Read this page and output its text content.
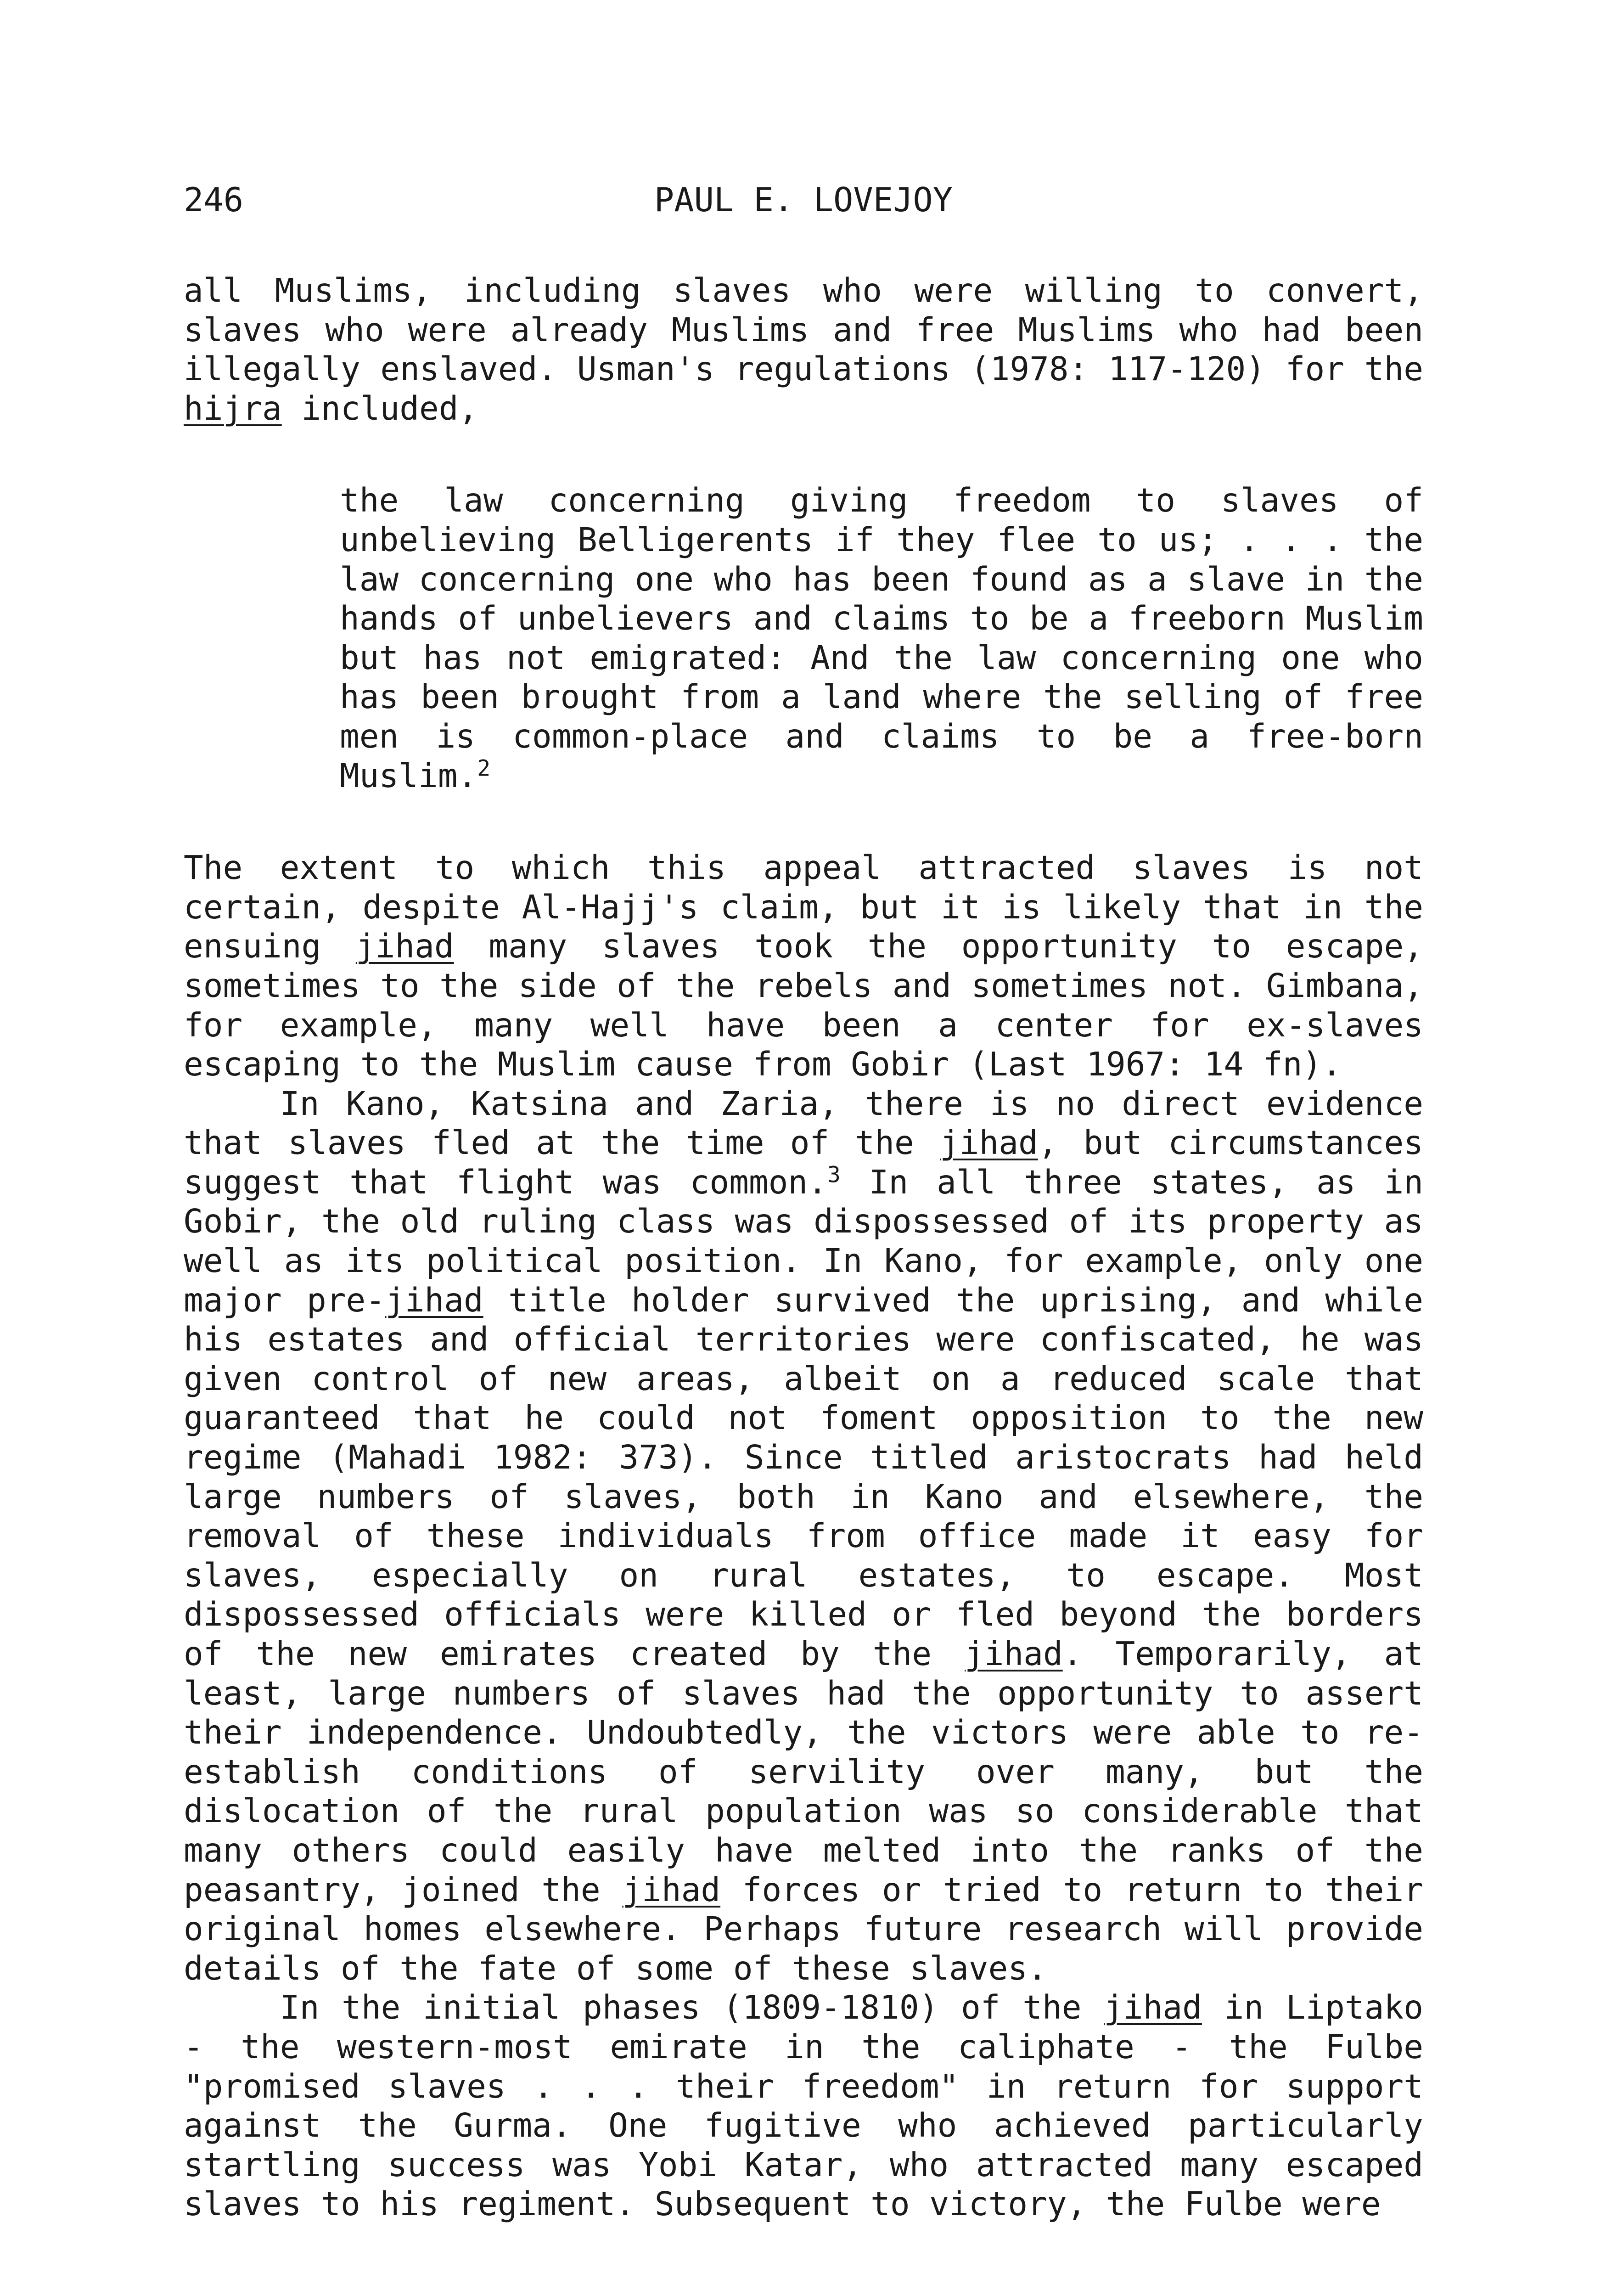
246	PAUL E. LOVEJOY

all Muslims, including slaves who were willing to convert, slaves who were already Muslims and free Muslims who had been illegally enslaved. Usman's regulations (1978: 117-120) for the hijra included,

the law concerning giving freedom to slaves of unbelieving Belligerents if they flee to us; . . . the law concerning one who has been found as a slave in the hands of unbelievers and claims to be a freeborn Muslim but has not emigrated: And the law concerning one who has been brought from a land where the selling of free men is common-place and claims to be a free-born Muslim.$^2$

The extent to which this appeal attracted slaves is not certain, despite Al-Hajj's claim, but it is likely that in the ensuing jihad many slaves took the opportunity to escape, sometimes to the side of the rebels and sometimes not. Gimbana, for example, many well have been a center for ex-slaves escaping to the Muslim cause from Gobir (Last 1967: 14 fn).

In Kano, Katsina and Zaria, there is no direct evidence that slaves fled at the time of the jihad, but circumstances suggest that flight was common.$^3$ In all three states, as in Gobir, the old ruling class was dispossessed of its property as well as its political position. In Kano, for example, only one major pre-jihad title holder survived the uprising, and while his estates and official territories were confiscated, he was given control of new areas, albeit on a reduced scale that guaranteed that he could not foment opposition to the new regime (Mahadi 1982: 373). Since titled aristocrats had held large numbers of slaves, both in Kano and elsewhere, the removal of these individuals from office made it easy for slaves, especially on rural estates, to escape. Most dispossessed officials were killed or fled beyond the borders of the new emirates created by the jihad. Temporarily, at least, large numbers of slaves had the opportunity to assert their independence. Undoubtedly, the victors were able to re-establish conditions of servility over many, but the dislocation of the rural population was so considerable that many others could easily have melted into the ranks of the peasantry, joined the jihad forces or tried to return to their original homes elsewhere. Perhaps future research will provide details of the fate of some of these slaves.

In the initial phases (1809-1810) of the jihad in Liptako - the western-most emirate in the caliphate - the Fulbe "promised slaves . . . their freedom" in return for support against the Gurma. One fugitive who achieved particularly startling success was Yobi Katar, who attracted many escaped slaves to his regiment. Subsequent to victory, the Fulbe were
